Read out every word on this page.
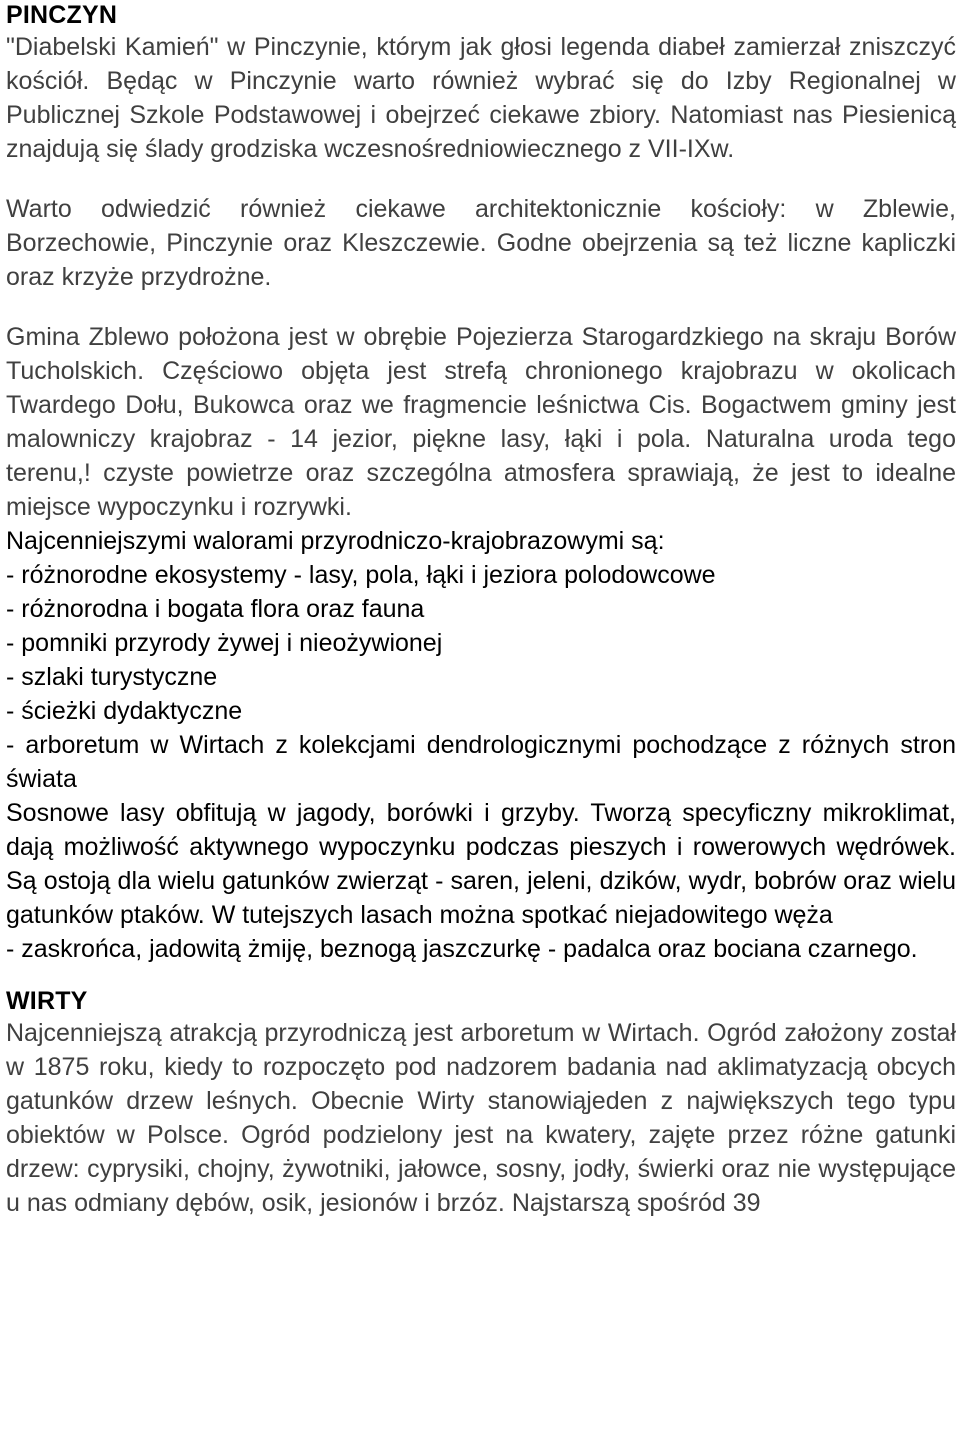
PINCZYN

"Diabelski Kamień" w Pinczynie, którym jak głosi legenda diabeł zamierzał zniszczyć kościół. Będąc w Pinczynie warto również wybrać się do Izby Regionalnej w Publicznej Szkole Podstawowej i obejrzeć ciekawe zbiory. Natomiast nas Piesienicą znajdują się ślady grodziska wczesnośredniowiecznego z VII-IXw.

Warto odwiedzić również ciekawe architektonicznie kościoły: w Zblewie, Borzechowie, Pinczynie oraz Kleszczewie. Godne obejrzenia są też liczne kapliczki oraz krzyże przydrożne.

Gmina Zblewo położona jest w obrębie Pojezierza Starogardzkiego na skraju Borów Tucholskich. Częściowo objęta jest strefą chronionego krajobrazu w okolicach Twardego Dołu, Bukowca oraz we fragmencie leśnictwa Cis. Bogactwem gminy jest malowniczy krajobraz - 14 jezior, piękne lasy, łąki i pola. Naturalna uroda tego terenu,! czyste powietrze oraz szczególna atmosfera sprawiają, że jest to idealne miejsce wypoczynku i rozrywki.

Najcenniejszymi walorami przyrodniczo-krajobrazowymi są:

- różnorodne ekosystemy - lasy, pola, łąki i jeziora polodowcowe

- różnorodna i bogata flora oraz fauna

- pomniki przyrody żywej i nieożywionej

- szlaki turystyczne

- ścieżki dydaktyczne

- arboretum w Wirtach z kolekcjami dendrologicznymi pochodzące z różnych stron świata

Sosnowe lasy obfitują w jagody, borówki i grzyby. Tworzą specyficzny mikroklimat, dają możliwość aktywnego wypoczynku podczas pieszych i rowerowych wędrówek. Są ostoją dla wielu gatunków zwierząt - saren, jeleni, dzików, wydr, bobrów oraz wielu gatunków ptaków. W tutejszych lasach można spotkać niejadowitego węża

- zaskrońca, jadowitą żmiję, beznogą jaszczurkę - padalca oraz bociana czarnego.

WIRTY

Najcenniejszą atrakcją przyrodniczą jest arboretum w Wirtach. Ogród założony został w 1875 roku, kiedy to rozpoczęto pod nadzorem badania nad aklimatyzacją obcych gatunków drzew leśnych. Obecnie Wirty stanowiąjeden z największych tego typu obiektów w Polsce. Ogród podzielony jest na kwatery, zajęte przez różne gatunki drzew: cyprysiki, chojny, żywotniki, jałowce, sosny, jodły, świerki oraz nie występujące u nas odmiany dębów, osik, jesionów i brzóz. Najstarszą spośród 39
